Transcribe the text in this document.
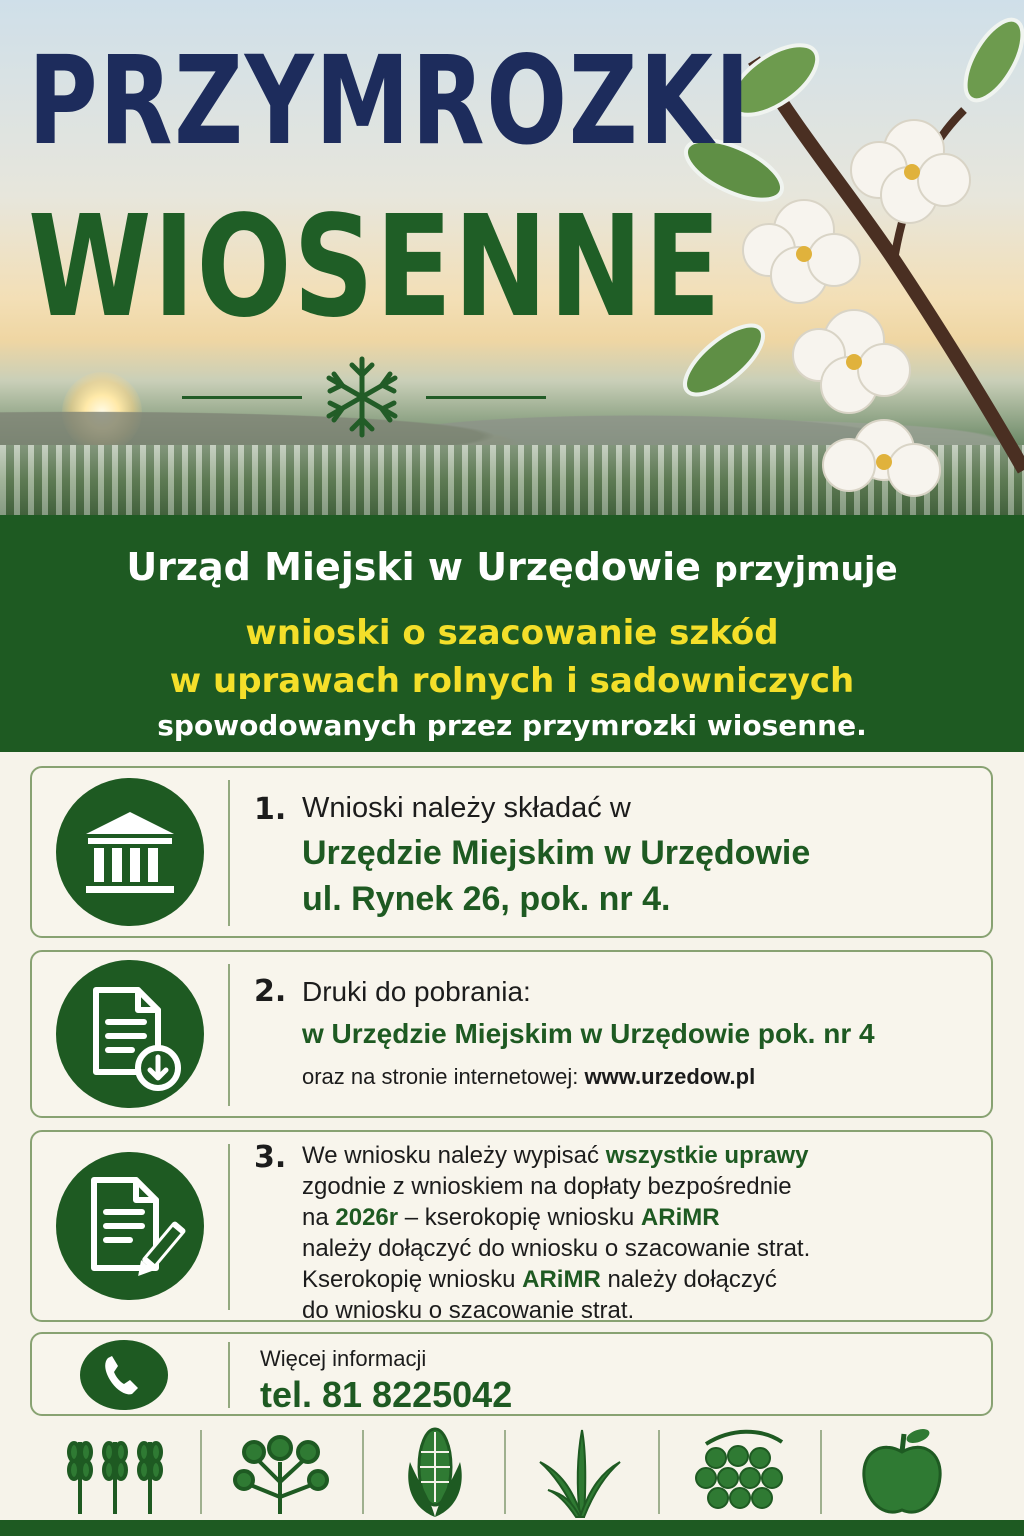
PRZYMROZKI
WIOSENNE
Urząd Miejski w Urzędowie przyjmuje
wnioski o szacowanie szkód
w uprawach rolnych i sadowniczych
spowodowanych przez przymrozki wiosenne.
1. Wnioski należy składać w
Urzędzie Miejskim w Urzędowie
ul. Rynek 26, pok. nr 4.
2. Druki do pobrania:
w Urzędzie Miejskim w Urzędowie pok. nr 4
oraz na stronie internetowej: www.urzedow.pl
3. We wniosku należy wypisać wszystkie uprawy
zgodnie z wnioskiem na dopłaty bezpośrednie
na 2026r – kserokopię wniosku ARiMR
należy dołączyć do wniosku o szacowanie strat.
Kserokopię wniosku ARiMR należy dołączyć
do wniosku o szacowanie strat.
Więcej informacji
tel. 81 8225042
